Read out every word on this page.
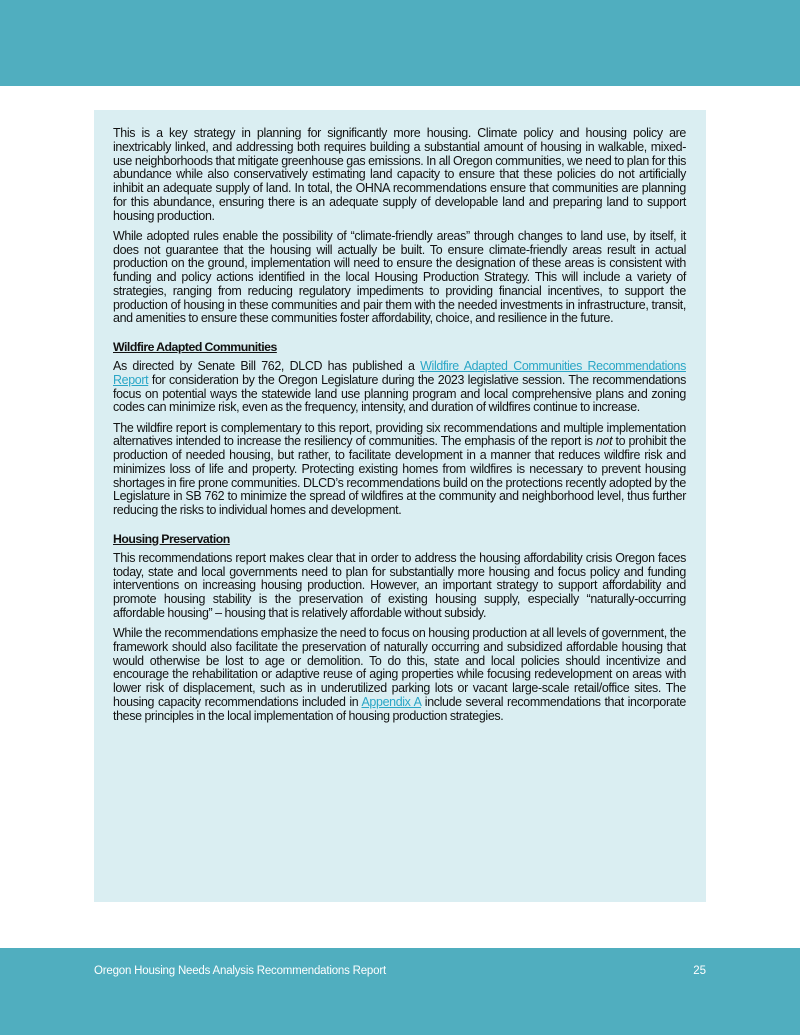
This is a key strategy in planning for significantly more housing. Climate policy and housing policy are inextricably linked, and addressing both requires building a substantial amount of housing in walkable, mixed-use neighborhoods that mitigate greenhouse gas emissions. In all Oregon communities, we need to plan for this abundance while also conservatively estimating land capacity to ensure that these policies do not artificially inhibit an adequate supply of land. In total, the OHNA recommendations ensure that communities are planning for this abundance, ensuring there is an adequate supply of developable land and preparing land to support housing production.

While adopted rules enable the possibility of “climate-friendly areas” through changes to land use, by itself, it does not guarantee that the housing will actually be built. To ensure climate-friendly areas result in actual production on the ground, implementation will need to ensure the designation of these areas is consistent with funding and policy actions identified in the local Housing Production Strategy. This will include a variety of strategies, ranging from reducing regulatory impediments to providing financial incentives, to support the production of housing in these communities and pair them with the needed investments in infrastructure, transit, and amenities to ensure these communities foster affordability, choice, and resilience in the future.

Wildfire Adapted Communities

As directed by Senate Bill 762, DLCD has published a Wildfire Adapted Communities Recommendations Report for consideration by the Oregon Legislature during the 2023 legislative session. The recommendations focus on potential ways the statewide land use planning program and local comprehensive plans and zoning codes can minimize risk, even as the frequency, intensity, and duration of wildfires continue to increase.

The wildfire report is complementary to this report, providing six recommendations and multiple implementation alternatives intended to increase the resiliency of communities. The emphasis of the report is not to prohibit the production of needed housing, but rather, to facilitate development in a manner that reduces wildfire risk and minimizes loss of life and property. Protecting existing homes from wildfires is necessary to prevent housing shortages in fire prone communities. DLCD’s recommendations build on the protections recently adopted by the Legislature in SB 762 to minimize the spread of wildfires at the community and neighborhood level, thus further reducing the risks to individual homes and development.

Housing Preservation

This recommendations report makes clear that in order to address the housing affordability crisis Oregon faces today, state and local governments need to plan for substantially more housing and focus policy and funding interventions on increasing housing production. However, an important strategy to support affordability and promote housing stability is the preservation of existing housing supply, especially “naturally-occurring affordable housing” – housing that is relatively affordable without subsidy.

While the recommendations emphasize the need to focus on housing production at all levels of government, the framework should also facilitate the preservation of naturally occurring and subsidized affordable housing that would otherwise be lost to age or demolition. To do this, state and local policies should incentivize and encourage the rehabilitation or adaptive reuse of aging properties while focusing redevelopment on areas with lower risk of displacement, such as in underutilized parking lots or vacant large-scale retail/office sites. The housing capacity recommendations included in Appendix A include several recommendations that incorporate these principles in the local implementation of housing production strategies.

Oregon Housing Needs Analysis Recommendations Report	25
